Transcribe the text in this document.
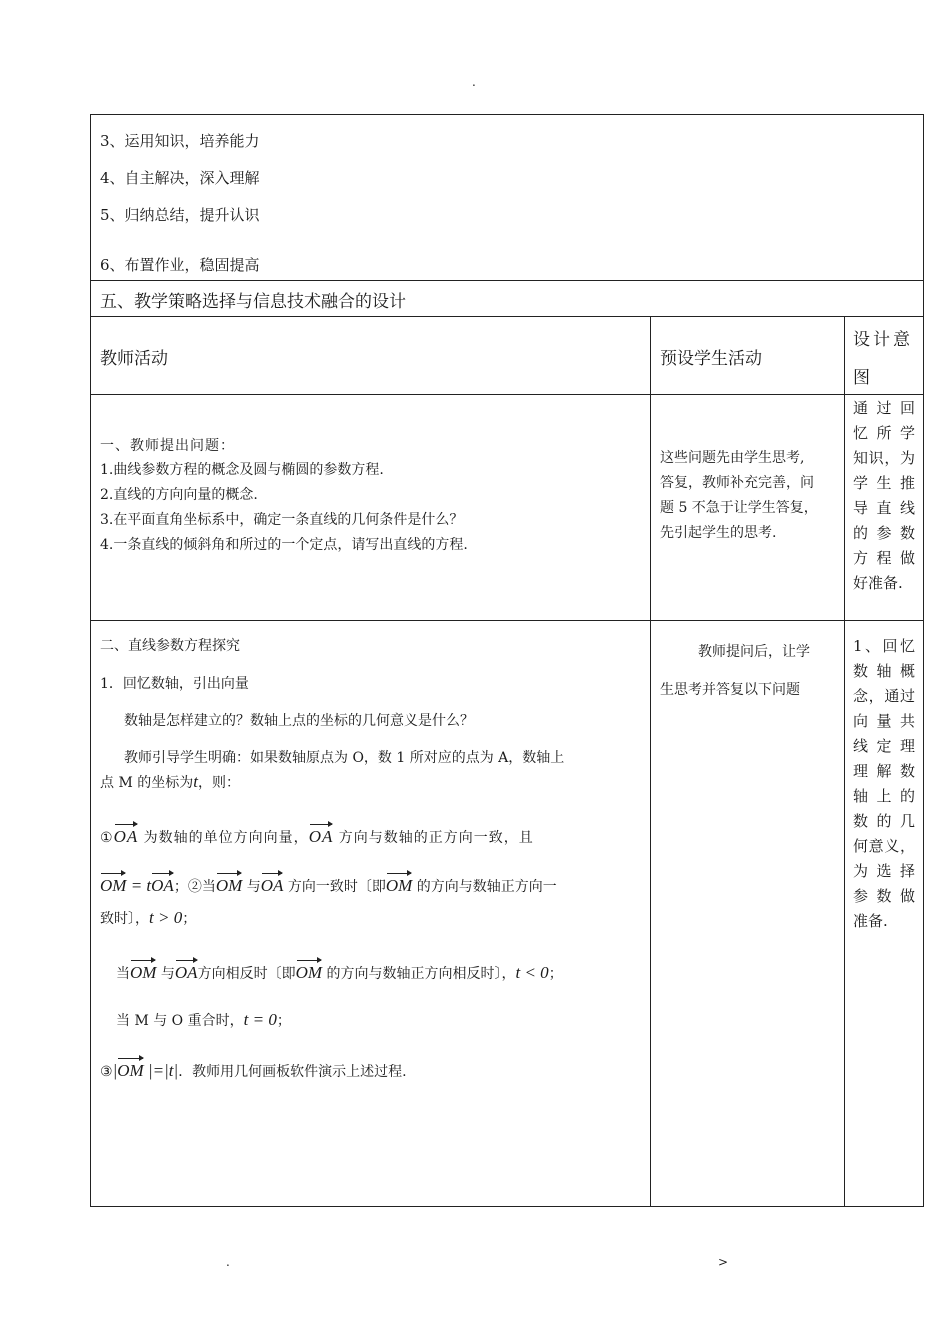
.
.	>
3、运用知识，培养能力
4、自主解决，深入理解
5、归纳总结，提升认识
6、布置作业，稳固提高
五、教学策略选择与信息技术融合的设计
教师活动	预设学生活动
设计意
图
一、教师提出问题：
1.曲线参数方程的概念及圆与椭圆的参数方程.
2.直线的方向向量的概念.
3.在平面直角坐标系中，确定一条直线的几何条件是什么？
4.一条直线的倾斜角和所过的一个定点，请写出直线的方程.
这些问题先由学生思考,
答复，教师补充完善，问
题 5 不急于让学生答复，
先引起学生的思考.
通 过 回
忆 所 学
知识，为
学 生 推
导 直 线
的 参 数
方 程 做
好准备.
二、直线参数方程探究
1．回忆数轴，引出向量
数轴是怎样建立的？数轴上点的坐标的几何意义是什么？
教师引导学生明确：如果数轴原点为 O，数 1 所对应的点为 A，数轴上
点 M 的坐标为t，则：
①OA 为数轴的单位方向向量，OA 方向与数轴的正方向一致，且
OM = tOA；②当OM 与OA 方向一致时〔即OM 的方向与数轴正方向一
致时〕，t > 0；
当OM 与OA方向相反时〔即OM 的方向与数轴正方向相反时〕，t < 0；
当 M 与 O 重合时，t = 0；
③|OM |=|t|．教师用几何画板软件演示上述过程.
教师提问后，让学
生思考并答复以下问题
1、回忆
数 轴 概
念，通过
向 量 共
线 定 理
理 解 数
轴 上 的
数 的 几
何意义，
为 选 择
参 数 做
准备.
